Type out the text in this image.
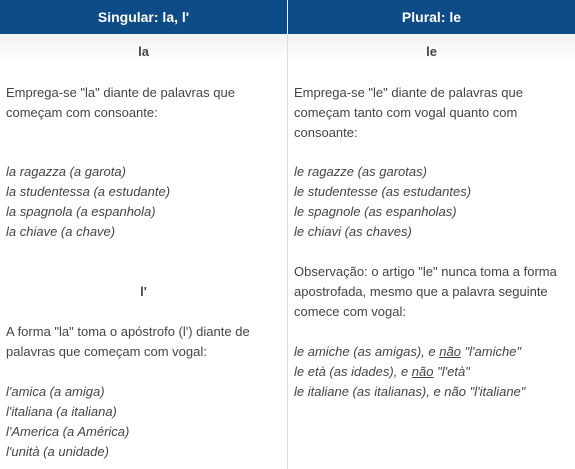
Singular: la, l'	Plural: le
la
Emprega-se "la" diante de palavras que
começam com consoante:
la ragazza (a garota)
la studentessa (a estudante)
la spagnola (a espanhola)
la chiave (a chave)
l'
A forma "la" toma o apóstrofo (l') diante de
palavras que começam com vogal:
l'amica (a amiga)
l'italiana (a italiana)
l'America (a América)
l'unità (a unidade)
le
Emprega-se "le" diante de palavras que
começam tanto com vogal quanto com
consoante:
le ragazze (as garotas)
le studentesse (as estudantes)
le spagnole (as espanholas)
le chiavi (as chaves)
Observação: o artigo "le" nunca toma a forma
apostrofada, mesmo que a palavra seguinte
comece com vogal:
le amiche (as amigas), e não "l'amiche"
le età (as idades), e não "l'età"
le italiane (as italianas), e não "l'italiane"
